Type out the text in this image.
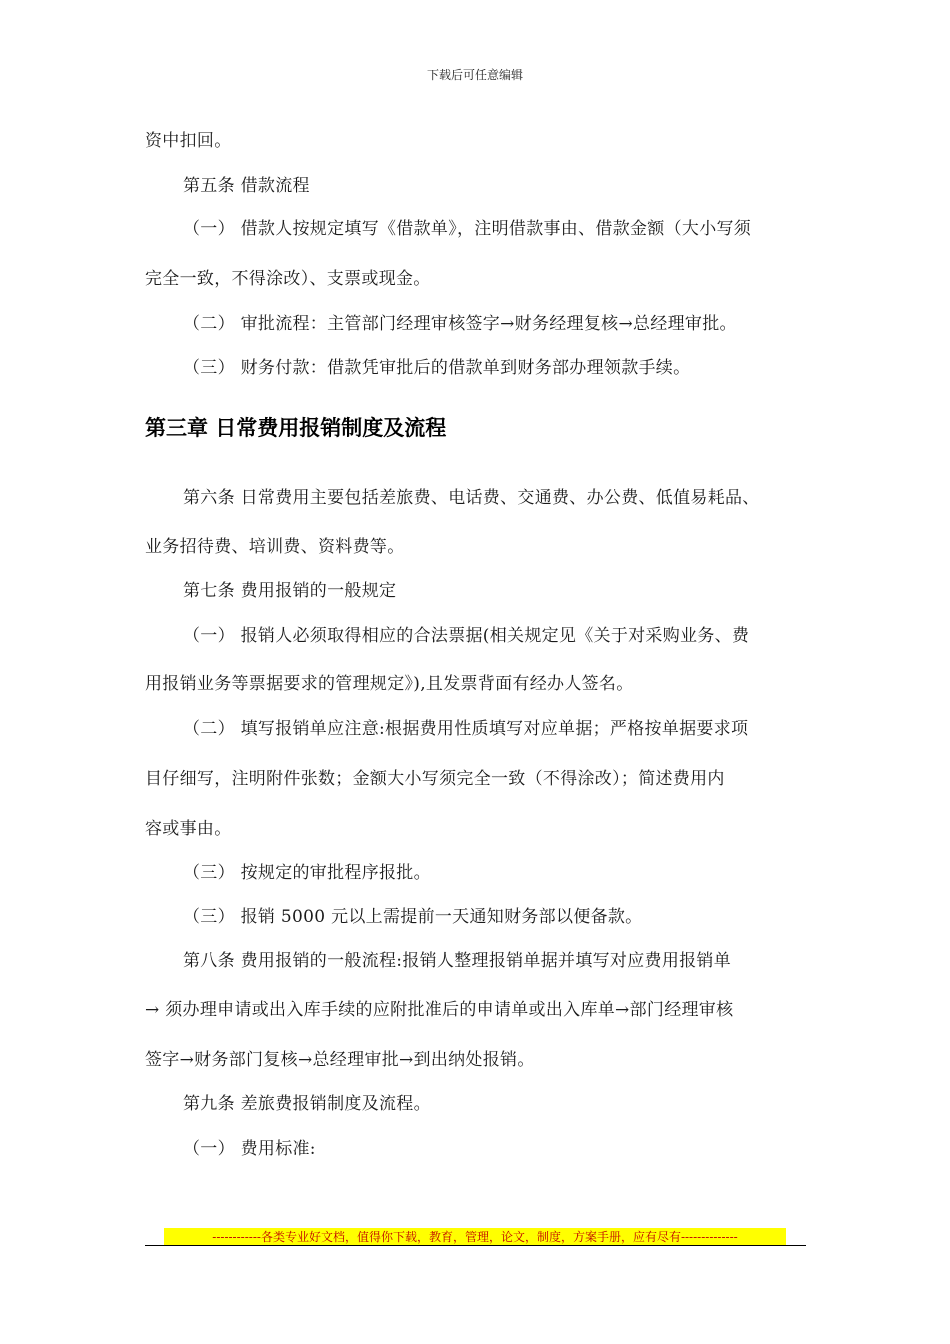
下载后可任意编辑
资中扣回。
第五条 借款流程
（一） 借款人按规定填写《借款单》，注明借款事由、借款金额（大小写须
完全一致，不得涂改）、支票或现金。
（二） 审批流程：主管部门经理审核签字→财务经理复核→总经理审批。
（三） 财务付款：借款凭审批后的借款单到财务部办理领款手续。
第三章 日常费用报销制度及流程
第六条 日常费用主要包括差旅费、电话费、交通费、办公费、低值易耗品、
业务招待费、培训费、资料费等。
第七条 费用报销的一般规定
（一） 报销人必须取得相应的合法票据(相关规定见《关于对采购业务、费
用报销业务等票据要求的管理规定》),且发票背面有经办人签名。
（二） 填写报销单应注意:根据费用性质填写对应单据；严格按单据要求项
目仔细写，注明附件张数；金额大小写须完全一致（不得涂改）；简述费用内
容或事由。
（三） 按规定的审批程序报批。
（三） 报销 5000 元以上需提前一天通知财务部以便备款。
第八条 费用报销的一般流程:报销人整理报销单据并填写对应费用报销单
→ 须办理申请或出入库手续的应附批准后的申请单或出入库单→部门经理审核
签字→财务部门复核→总经理审批→到出纳处报销。
第九条 差旅费报销制度及流程。
（一） 费用标准:
------------各类专业好文档，值得你下载，教育，管理，论文，制度，方案手册，应有尽有--------------
